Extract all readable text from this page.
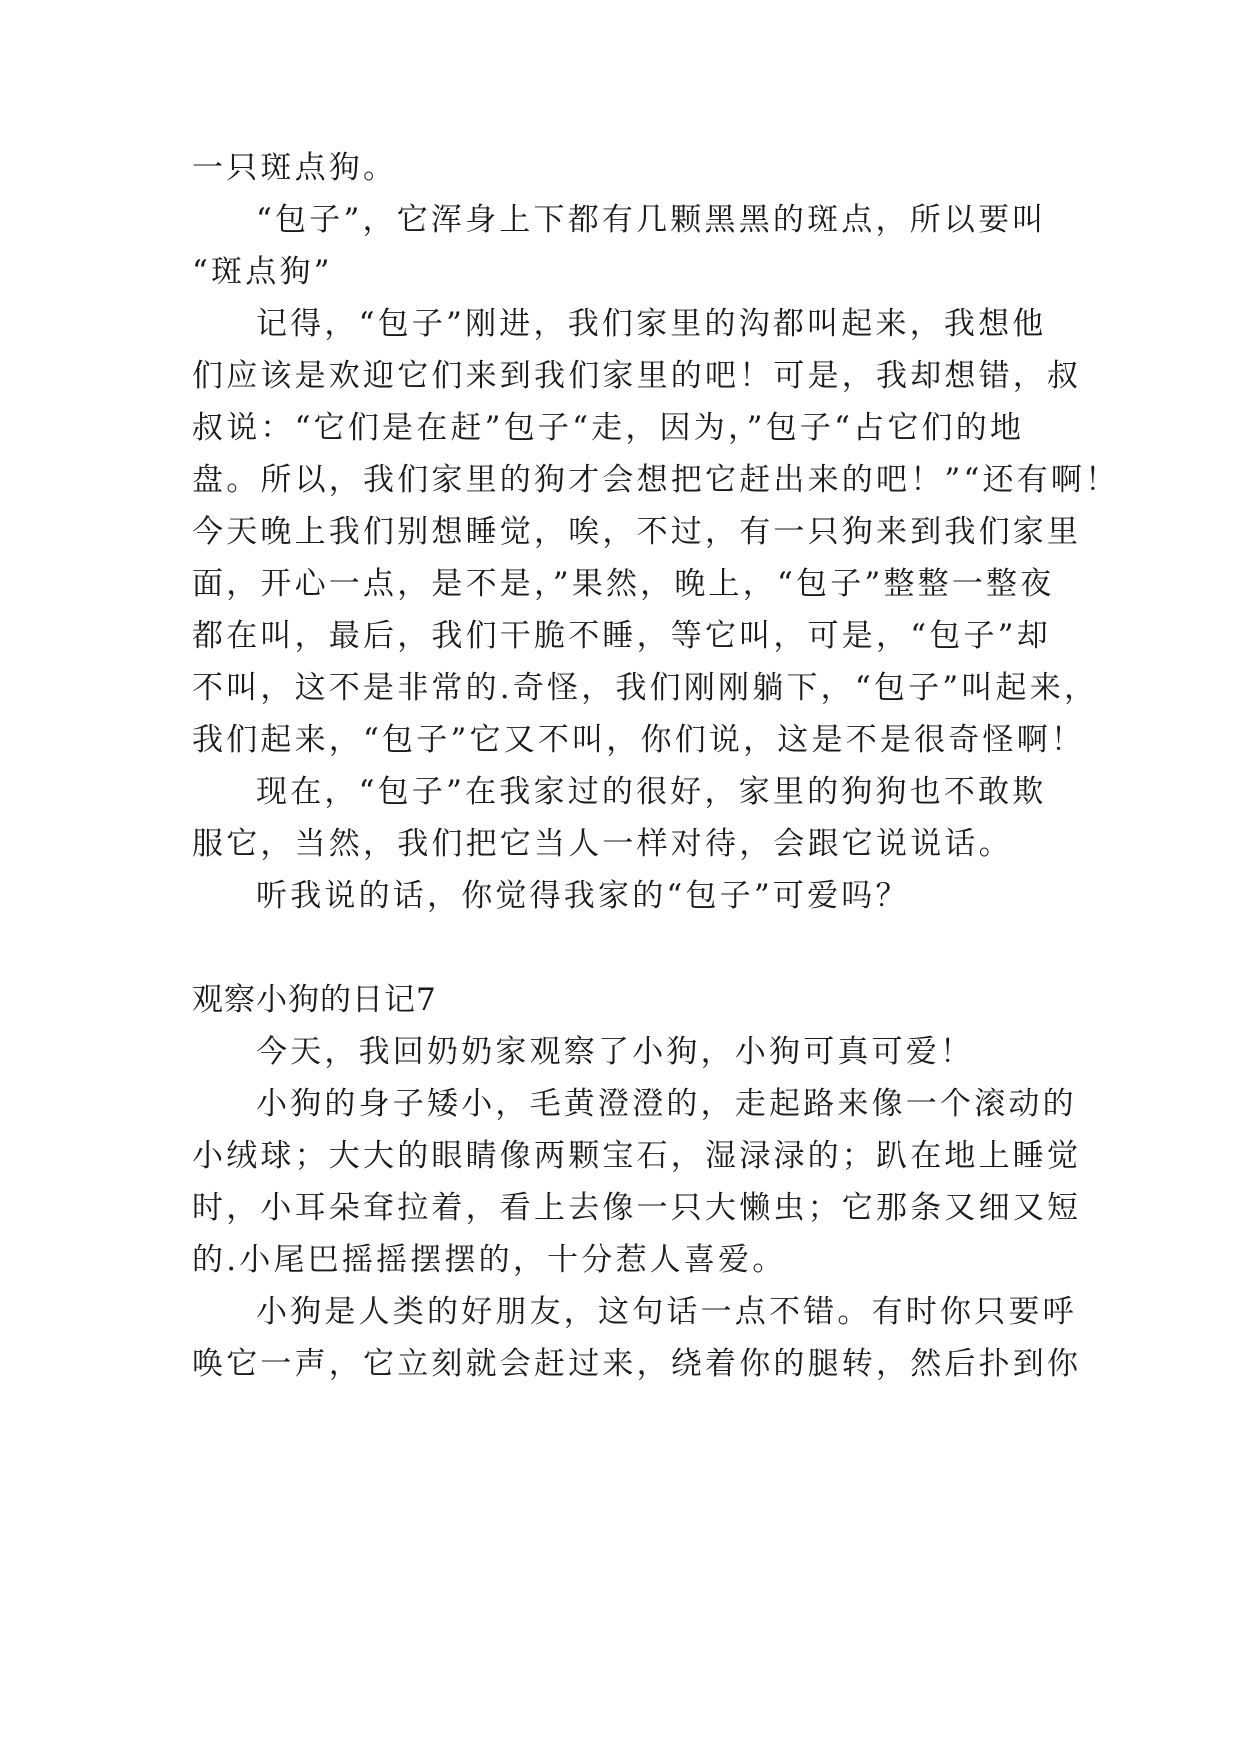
一只斑点狗。
“包子”，它浑身上下都有几颗黑黑的斑点，所以要叫
“斑点狗”
记得，“包子”刚进，我们家里的沟都叫起来，我想他
们应该是欢迎它们来到我们家里的吧！可是，我却想错，叔
叔说：“它们是在赶”包子“走，因为，”包子“占它们的地
盘。所以，我们家里的狗才会想把它赶出来的吧！”“还有啊！
今天晚上我们别想睡觉，唉，不过，有一只狗来到我们家里
面，开心一点，是不是，”果然，晚上，“包子”整整一整夜
都在叫，最后，我们干脆不睡，等它叫，可是，“包子”却
不叫，这不是非常的.奇怪，我们刚刚躺下，“包子”叫起来，
我们起来，“包子”它又不叫，你们说，这是不是很奇怪啊！
现在，“包子”在我家过的很好，家里的狗狗也不敢欺
服它，当然，我们把它当人一样对待，会跟它说说话。
听我说的话，你觉得我家的“包子”可爱吗？
观察小狗的日记7
今天，我回奶奶家观察了小狗，小狗可真可爱！
小狗的身子矮小，毛黄澄澄的，走起路来像一个滚动的
小绒球；大大的眼睛像两颗宝石，湿渌渌的；趴在地上睡觉
时，小耳朵耷拉着，看上去像一只大懒虫；它那条又细又短
的.小尾巴摇摇摆摆的，十分惹人喜爱。
小狗是人类的好朋友，这句话一点不错。有时你只要呼
唤它一声，它立刻就会赶过来，绕着你的腿转，然后扑到你
